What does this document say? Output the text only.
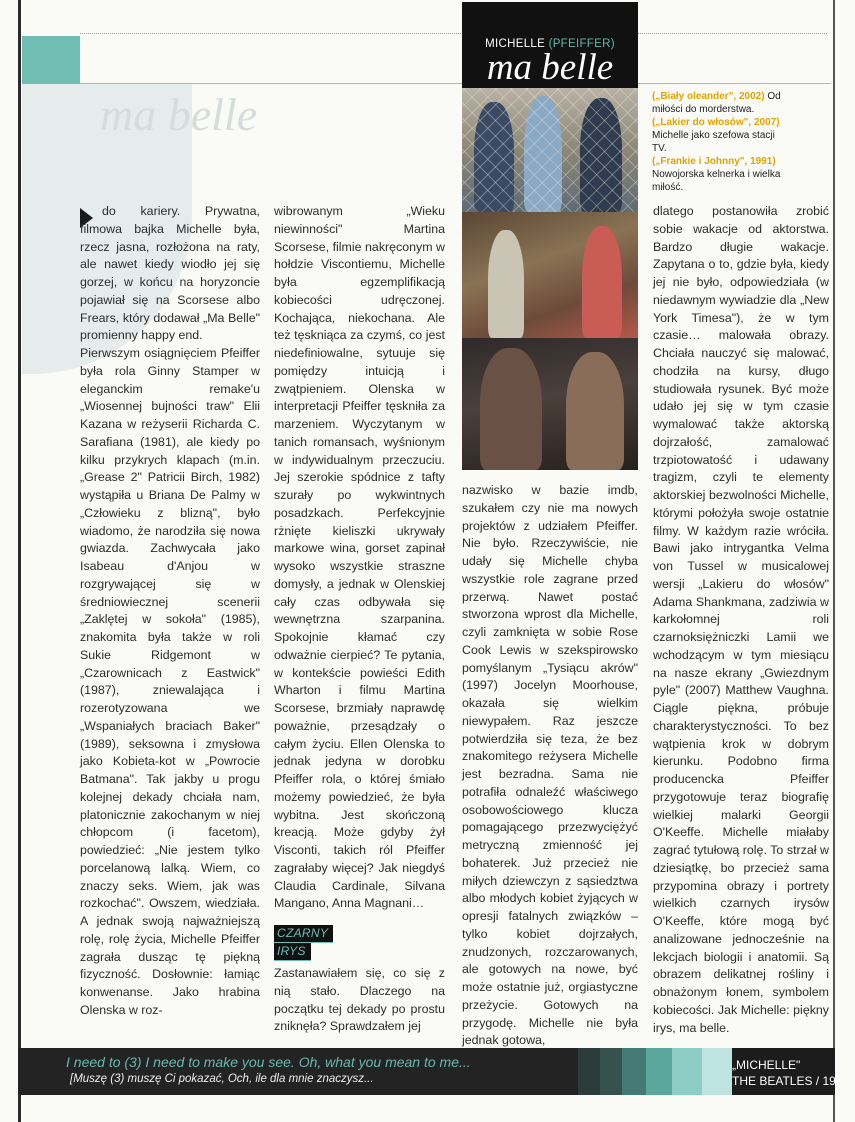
ma belle
MICHELLE (PFEIFFER)
ma belle
(„Biały oleander", 2002) Od miłości do morderstwa.
(„Lakier do włosów", 2007) Michelle jako szefowa stacji TV.
(„Frankie i Johnny", 1991) Nowojorska kelnerka i wielka miłość.

do kariery. Prywatna, filmowa bajka Michelle była, rzecz jasna, rozłożona na raty, ale nawet kiedy wiodło jej się gorzej, w końcu na horyzoncie pojawiał się na Scorsese albo Frears, który dodawał „Ma Belle" promienny happy end.

Pierwszym osiągnięciem Pfeiffer była rola Ginny Stamper w eleganckim remake'u „Wiosennej bujności traw" Elii Kazana w reżyserii Richarda C. Sarafiana (1981), ale kiedy po kilku przykrych klapach (m.in. „Grease 2" Patricii Birch, 1982) wystąpiła u Briana De Palmy w „Człowieku z blizną", było wiadomo, że narodziła się nowa gwiazda. Zachwycała jako Isabeau d'Anjou w rozgrywającej się w średniowiecznej scenerii „Zaklętej w sokoła" (1985), znakomita była także w roli Sukie Ridgemont w „Czarownicach z Eastwick" (1987), zniewalająca i rozerotyzowana we „Wspaniałych braciach Baker" (1989), seksowna i zmysłowa jako Kobieta-kot w „Powrocie Batmana". Tak jakby u progu kolejnej dekady chciała nam, platonicznie zakochanym w niej chłopcom (i facetom), powiedzieć: „Nie jestem tylko porcelanową lalką. Wiem, co znaczy seks. Wiem, jak was rozkochać". Owszem, wiedziała. A jednak swoją najważniejszą rolę, rolę życia, Michelle Pfeiffer zagrała dusząc tę piękną fizyczność. Dosłownie: łamiąc konwenanse. Jako hrabina Olenska w roz-

wibrowanym „Wieku niewinności" Martina Scorsese, filmie nakręconym w hołdzie Viscontiemu, Michelle była egzemplifikacją kobiecości udręczonej. Kochająca, niekochana. Ale też tęskniąca za czymś, co jest niedefiniowalne, sytuuje się pomiędzy intuicją i zwątpieniem. Olenska w interpretacji Pfeiffer tęskniła za marzeniem. Wyczytanym w tanich romansach, wyśnionym w indywidualnym przeczuciu. Jej szerokie spódnice z tafty szurały po wykwintnych posadzkach. Perfekcyjnie rżnięte kieliszki ukrywały markowe wina, gorset zapinał wysoko wszystkie straszne domysły, a jednak w Olenskiej cały czas odbywała się wewnętrzna szarpanina. Spokojnie kłamać czy odważnie cierpieć? Te pytania, w kontekście powieści Edith Wharton i filmu Martina Scorsese, brzmiały naprawdę poważnie, przesądzały o całym życiu. Ellen Olenska to jednak jedyna w dorobku Pfeiffer rola, o której śmiało możemy powiedzieć, że była wybitna. Jest skończoną kreacją. Może gdyby żył Visconti, takich ról Pfeiffer zagrałaby więcej? Jak niegdyś Claudia Cardinale, Silvana Mangano, Anna Magnani…

CZARNY
IRYS

Zastanawiałem się, co się z nią stało. Dlaczego na początku tej dekady po prostu zniknęła? Sprawdzałem jej

nazwisko w bazie imdb, szukałem czy nie ma nowych projektów z udziałem Pfeiffer. Nie było. Rzeczywiście, nie udały się Michelle chyba wszystkie role zagrane przed przerwą. Nawet postać stworzona wprost dla Michelle, czyli zamknięta w sobie Rose Cook Lewis w szekspirowsko pomyślanym „Tysiącu akrów" (1997) Jocelyn Moorhouse, okazała się wielkim niewypałem. Raz jeszcze potwierdziła się teza, że bez znakomitego reżysera Michelle jest bezradna. Sama nie potrafiła odnaleźć właściwego osobowościowego klucza pomagającego przezwyciężyć metryczną zmienność jej bohaterek. Już przecież nie miłych dziewczyn z sąsiedztwa albo młodych kobiet żyjących w opresji fatalnych związków – tylko kobiet dojrzałych, znudzonych, rozczarowanych, ale gotowych na nowe, być może ostatnie już, orgiastyczne przeżycie. Gotowych na przygodę. Michelle nie była jednak gotowa,

dlatego postanowiła zrobić sobie wakacje od aktorstwa. Bardzo długie wakacje. Zapytana o to, gdzie była, kiedy jej nie było, odpowiedziała (w niedawnym wywiadzie dla „New York Timesa"), że w tym czasie… malowała obrazy. Chciała nauczyć się malować, chodziła na kursy, długo studiowała rysunek. Być może udało jej się w tym czasie wymalować także aktorską dojrzałość, zamalować trzpiotowatość i udawany tragizm, czyli te elementy aktorskiej bezwolności Michelle, którymi położyła swoje ostatnie filmy. W każdym razie wróciła. Bawi jako intrygantka Velma von Tussel w musicalowej wersji „Lakieru do włosów" Adama Shankmana, zadziwia w karkołomnej roli czarnoksiężniczki Lamii we wchodzącym w tym miesiącu na nasze ekrany „Gwiezdnym pyle" (2007) Matthew Vaughna. Ciągle piękna, próbuje charakterystyczności. To bez wątpienia krok w dobrym kierunku. Podobno firma producencka Pfeiffer przygotowuje teraz biografię wielkiej malarki Georgii O'Keeffe. Michelle miałaby zagrać tytułową rolę. To strzał w dziesiątkę, bo przecież sama przypomina obrazy i portrety wielkich czarnych irysów O'Keeffe, które mogą być analizowane jednocześnie na lekcjach biologii i anatomii. Są obrazem delikatnej rośliny i obnażonym łonem, symbolem kobiecości. Jak Michelle: piękny irys, ma belle.

I need to (3) I need to make you see. Oh, what you mean to me...
[Muszę (3) muszę Ci pokazać, Och, ile dla mnie znaczysz...
„MICHELLE"
THE BEATLES / 19
